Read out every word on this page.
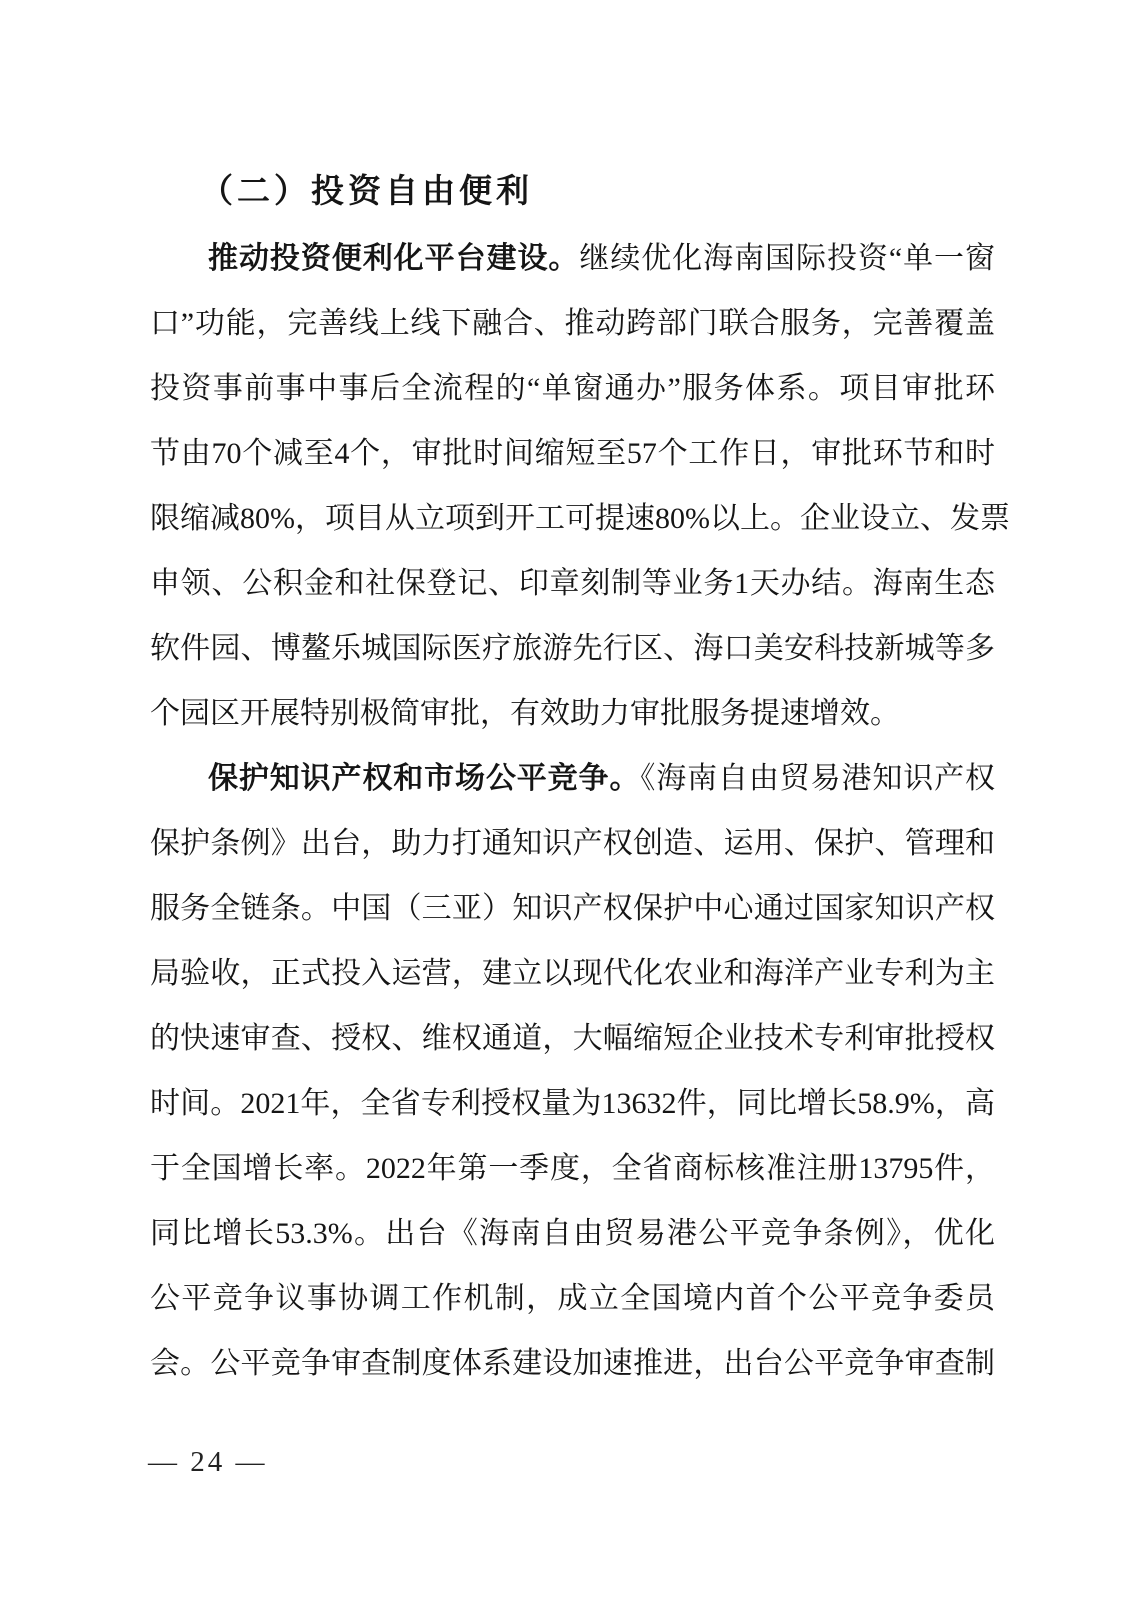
（二）投资自由便利
推动投资便利化平台建设。继续优化海南国际投资“单一窗
口”功能，完善线上线下融合、推动跨部门联合服务，完善覆盖
投资事前事中事后全流程的“单窗通办”服务体系。项目审批环
节由70个减至4个，审批时间缩短至57个工作日，审批环节和时
限缩减80%，项目从立项到开工可提速80%以上。企业设立、发票
申领、公积金和社保登记、印章刻制等业务1天办结。海南生态
软件园、博鳌乐城国际医疗旅游先行区、海口美安科技新城等多
个园区开展特别极简审批，有效助力审批服务提速增效。
保护知识产权和市场公平竞争。《海南自由贸易港知识产权
保护条例》出台，助力打通知识产权创造、运用、保护、管理和
服务全链条。中国（三亚）知识产权保护中心通过国家知识产权
局验收，正式投入运营，建立以现代化农业和海洋产业专利为主
的快速审查、授权、维权通道，大幅缩短企业技术专利审批授权
时间。2021年，全省专利授权量为13632件，同比增长58.9%，高
于全国增长率。2022年第一季度，全省商标核准注册13795件，
同比增长53.3%。出台《海南自由贸易港公平竞争条例》，优化
公平竞争议事协调工作机制，成立全国境内首个公平竞争委员
会。公平竞争审查制度体系建设加速推进，出台公平竞争审查制
— 24 —
